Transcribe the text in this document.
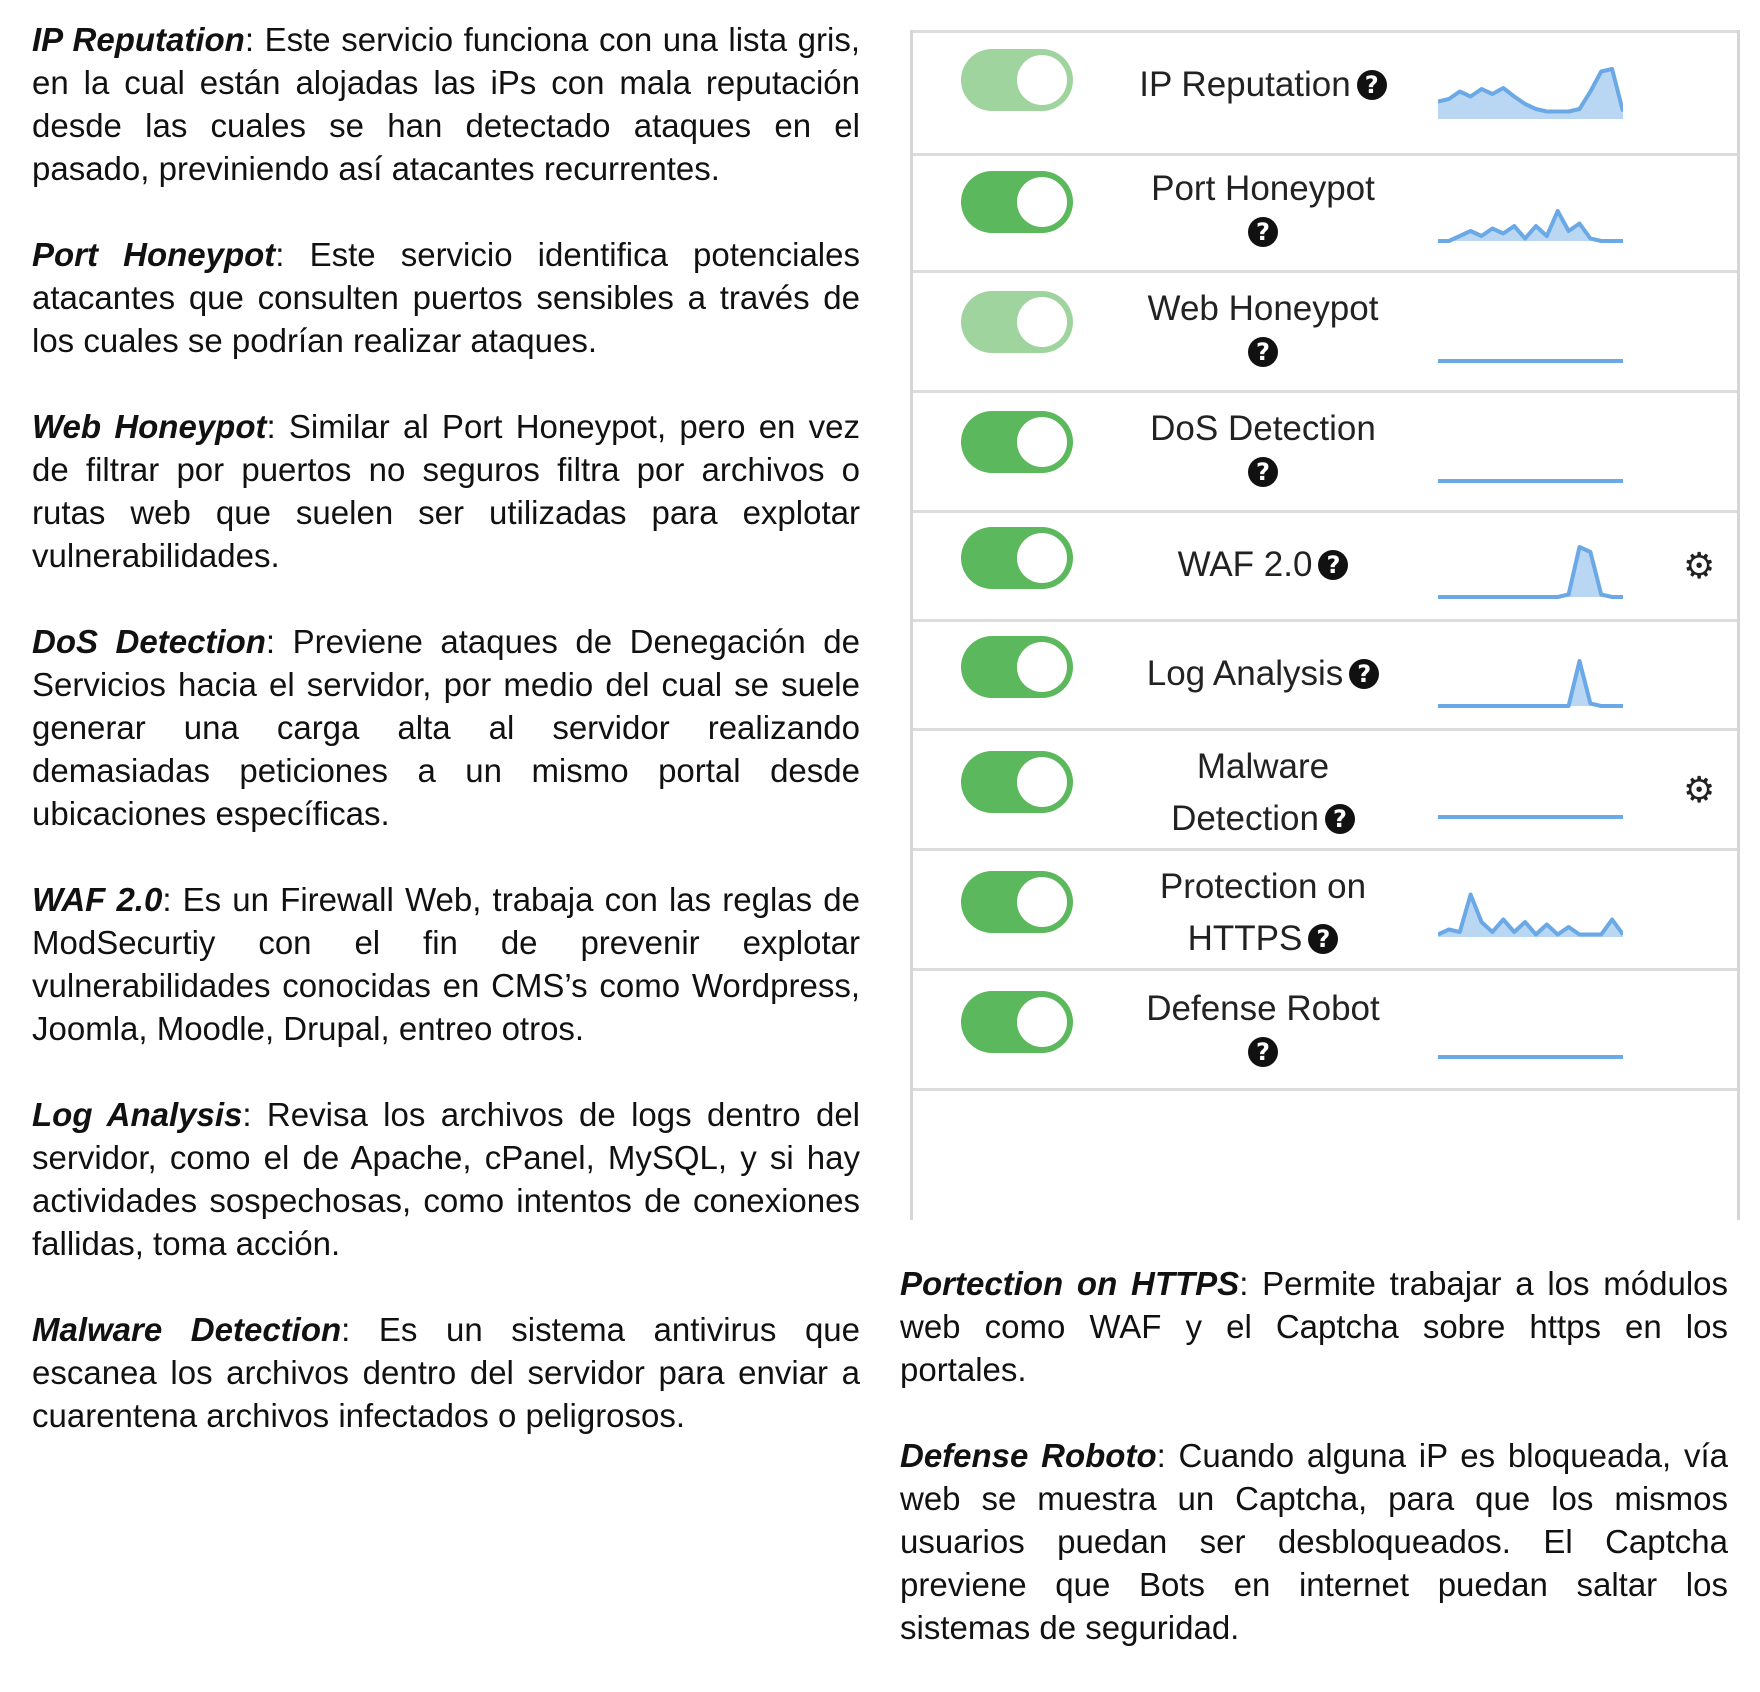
IP Reputation: Este servicio funciona con una lista gris, en la cual están alojadas las iPs con mala reputación desde las cuales se han detectado ataques en el pasado, previniendo así atacantes recurrentes.

Port Honeypot: Este servicio identifica potenciales atacantes que consulten puertos sensibles a través de los cuales se podrían realizar ataques.

Web Honeypot: Similar al Port Honeypot, pero en vez de filtrar por puertos no seguros filtra por archivos o rutas web que suelen ser utilizadas para explotar vulnerabilidades.

DoS Detection: Previene ataques de Denegación de Servicios hacia el servidor, por medio del cual se suele generar una carga alta al servidor realizando demasiadas peticiones a un mismo portal desde ubicaciones específicas.

WAF 2.0: Es un Firewall Web, trabaja con las reglas de ModSecurtiy con el fin de prevenir explotar vulnerabilidades conocidas en CMS’s como Wordpress, Joomla, Moodle, Drupal, entreo otros.

Log Analysis: Revisa los archivos de logs dentro del servidor, como el de Apache, cPanel, MySQL, y si hay actividades sospechosas, como intentos de conexiones fallidas, toma acción.

Malware Detection: Es un sistema antivirus que escanea los archivos dentro del servidor para enviar a cuarentena archivos infectados o peligrosos.

IP Reputation ?
Port Honeypot
?
Web Honeypot
?
DoS Detection
?
WAF 2.0 ?	⚙
Log Analysis ?
Malware
Detection ?
⚙
Protection on
HTTPS ?
Defense Robot
?

Portection on HTTPS: Permite trabajar a los módulos web como WAF y el Captcha sobre https en los portales.

Defense Roboto: Cuando alguna iP es bloqueada, vía web se muestra un Captcha, para que los mismos usuarios puedan ser desbloqueados. El Captcha previene que Bots en internet puedan saltar los sistemas de seguridad.
